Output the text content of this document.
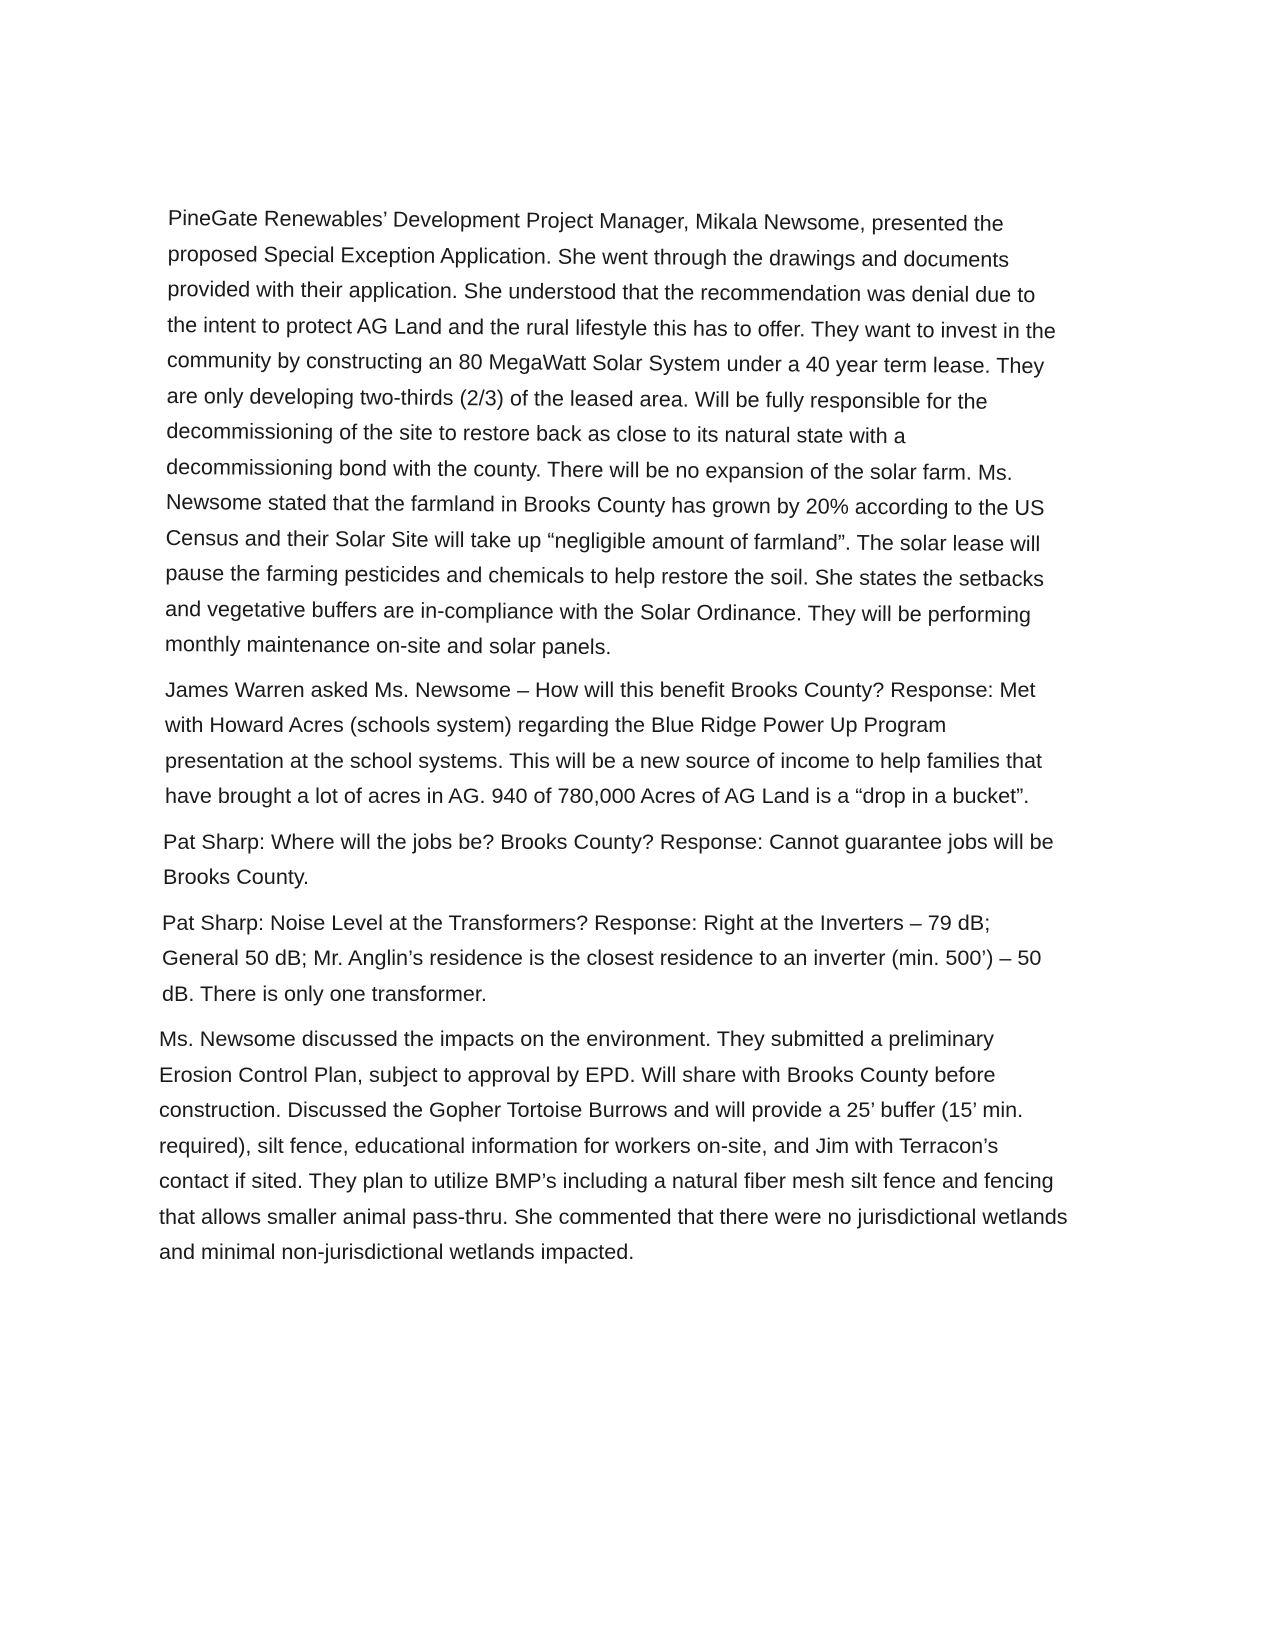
PineGate Renewables’ Development Project Manager, Mikala Newsome, presented the proposed Special Exception Application. She went through the drawings and documents provided with their application. She understood that the recommendation was denial due to the intent to protect AG Land and the rural lifestyle this has to offer. They want to invest in the community by constructing an 80 MegaWatt Solar System under a 40 year term lease. They are only developing two-thirds (2/3) of the leased area. Will be fully responsible for the decommissioning of the site to restore back as close to its natural state with a decommissioning bond with the county. There will be no expansion of the solar farm. Ms. Newsome stated that the farmland in Brooks County has grown by 20% according to the US Census and their Solar Site will take up “negligible amount of farmland”. The solar lease will pause the farming pesticides and chemicals to help restore the soil. She states the setbacks and vegetative buffers are in-compliance with the Solar Ordinance. They will be performing monthly maintenance on-site and solar panels.

James Warren asked Ms. Newsome – How will this benefit Brooks County? Response: Met with Howard Acres (schools system) regarding the Blue Ridge Power Up Program presentation at the school systems. This will be a new source of income to help families that have brought a lot of acres in AG. 940 of 780,000 Acres of AG Land is a “drop in a bucket”.

Pat Sharp: Where will the jobs be? Brooks County? Response: Cannot guarantee jobs will be Brooks County.

Pat Sharp: Noise Level at the Transformers? Response: Right at the Inverters – 79 dB; General 50 dB; Mr. Anglin’s residence is the closest residence to an inverter (min. 500’) – 50 dB. There is only one transformer.

Ms. Newsome discussed the impacts on the environment. They submitted a preliminary Erosion Control Plan, subject to approval by EPD. Will share with Brooks County before construction. Discussed the Gopher Tortoise Burrows and will provide a 25’ buffer (15’ min. required), silt fence, educational information for workers on-site, and Jim with Terracon’s contact if sited. They plan to utilize BMP’s including a natural fiber mesh silt fence and fencing that allows smaller animal pass-thru. She commented that there were no jurisdictional wetlands and minimal non-jurisdictional wetlands impacted.
